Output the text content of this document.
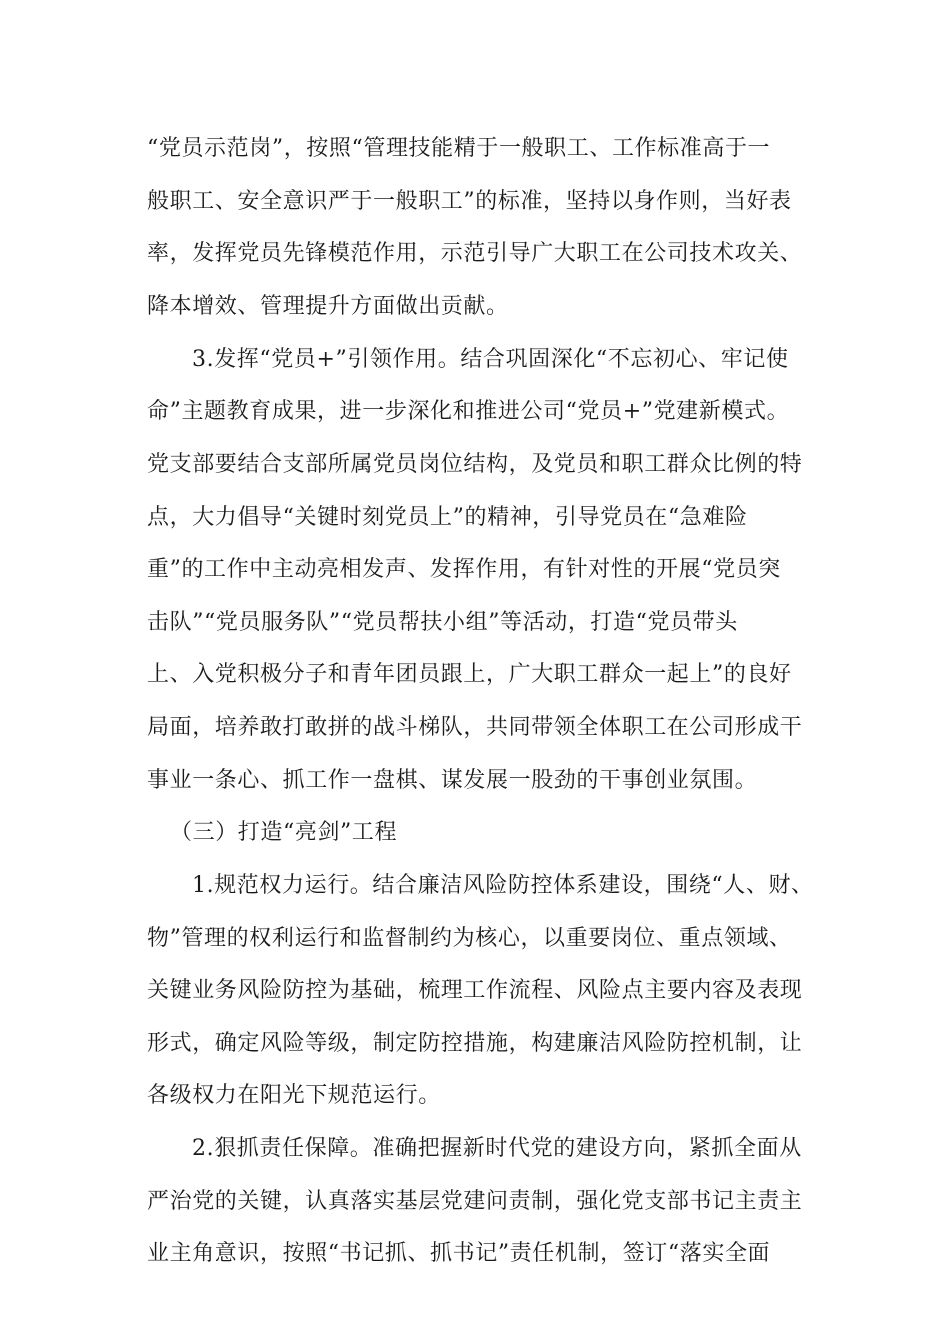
“党员示范岗”，按照“管理技能精于一般职工、工作标准高于一
般职工、安全意识严于一般职工”的标准，坚持以身作则，当好表
率，发挥党员先锋模范作用，示范引导广大职工在公司技术攻关、
降本增效、管理提升方面做出贡献。
3.发挥“党员+”引领作用。结合巩固深化“不忘初心、牢记使
命”主题教育成果，进一步深化和推进公司“党员+”党建新模式。
党支部要结合支部所属党员岗位结构，及党员和职工群众比例的特
点，大力倡导“关键时刻党员上”的精神，引导党员在“急难险
重”的工作中主动亮相发声、发挥作用，有针对性的开展“党员突
击队”“党员服务队”“党员帮扶小组”等活动，打造“党员带头
上、入党积极分子和青年团员跟上，广大职工群众一起上”的良好
局面，培养敢打敢拼的战斗梯队，共同带领全体职工在公司形成干
事业一条心、抓工作一盘棋、谋发展一股劲的干事创业氛围。
（三）打造“亮剑”工程
1.规范权力运行。结合廉洁风险防控体系建设，围绕“人、财、
物”管理的权利运行和监督制约为核心，以重要岗位、重点领域、
关键业务风险防控为基础，梳理工作流程、风险点主要内容及表现
形式，确定风险等级，制定防控措施，构建廉洁风险防控机制，让
各级权力在阳光下规范运行。
2.狠抓责任保障。准确把握新时代党的建设方向，紧抓全面从
严治党的关键，认真落实基层党建问责制，强化党支部书记主责主
业主角意识，按照“书记抓、抓书记”责任机制，签订“落实全面
